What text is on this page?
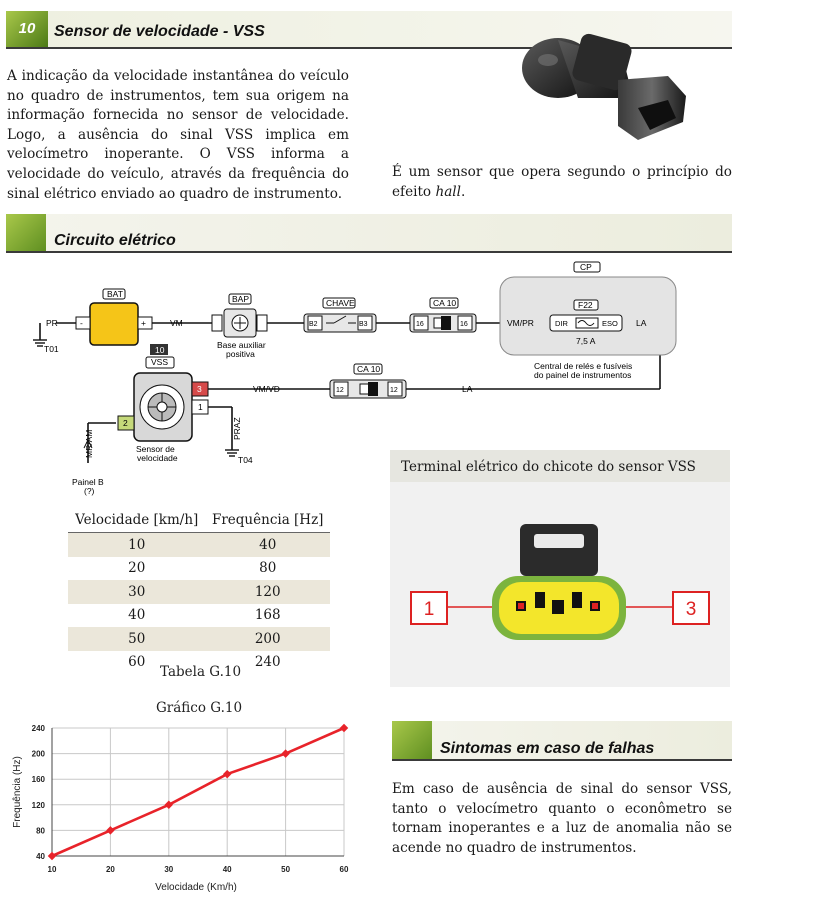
10	Sensor de velocidade - VSS
A indicação da velocidade instantânea do veículo no quadro de instrumentos, tem sua origem na informação fornecida no sensor de velocidade. Logo, a ausência do sinal VSS implica em velocímetro inoperante. O VSS informa a velocidade do veículo, através da frequência do sinal elétrico enviado ao quadro de instrumento.
É um sensor que opera segundo o princípio do efeito hall.
Circuito elétrico
PR
T01
BAT
-	+	VM
BAP
Base auxiliar
positiva
CHAVE
B2	B3
CA 10
16	16
CP
VM/PR
F22
DIR	ESO
7,5 A
LA
Central de relés e fusíveis
do painel de instrumentos
10
VSS
3
1
2
Sensor de
velocidade
VM/VD
CA 10
12	12	LA
PRAZ
T04
MR/AM
Painel B
(?)
Velocidade [km/h]	Frequência [Hz]
10	40
20	80
30	120
40	168
50	200
60	240
Tabela G.10
Gráfico G.10
40
80
120
160
200
240
10	20	30	40	50	60
Velocidade (Km/h)
Frequência (Hz)
Terminal elétrico do chicote do sensor VSS
1	3
Sintomas em caso de falhas
Em caso de ausência de sinal do sensor VSS, tanto o velocímetro quanto o econômetro se tornam inoperantes e a luz de anomalia não se acende no quadro de instrumentos.
